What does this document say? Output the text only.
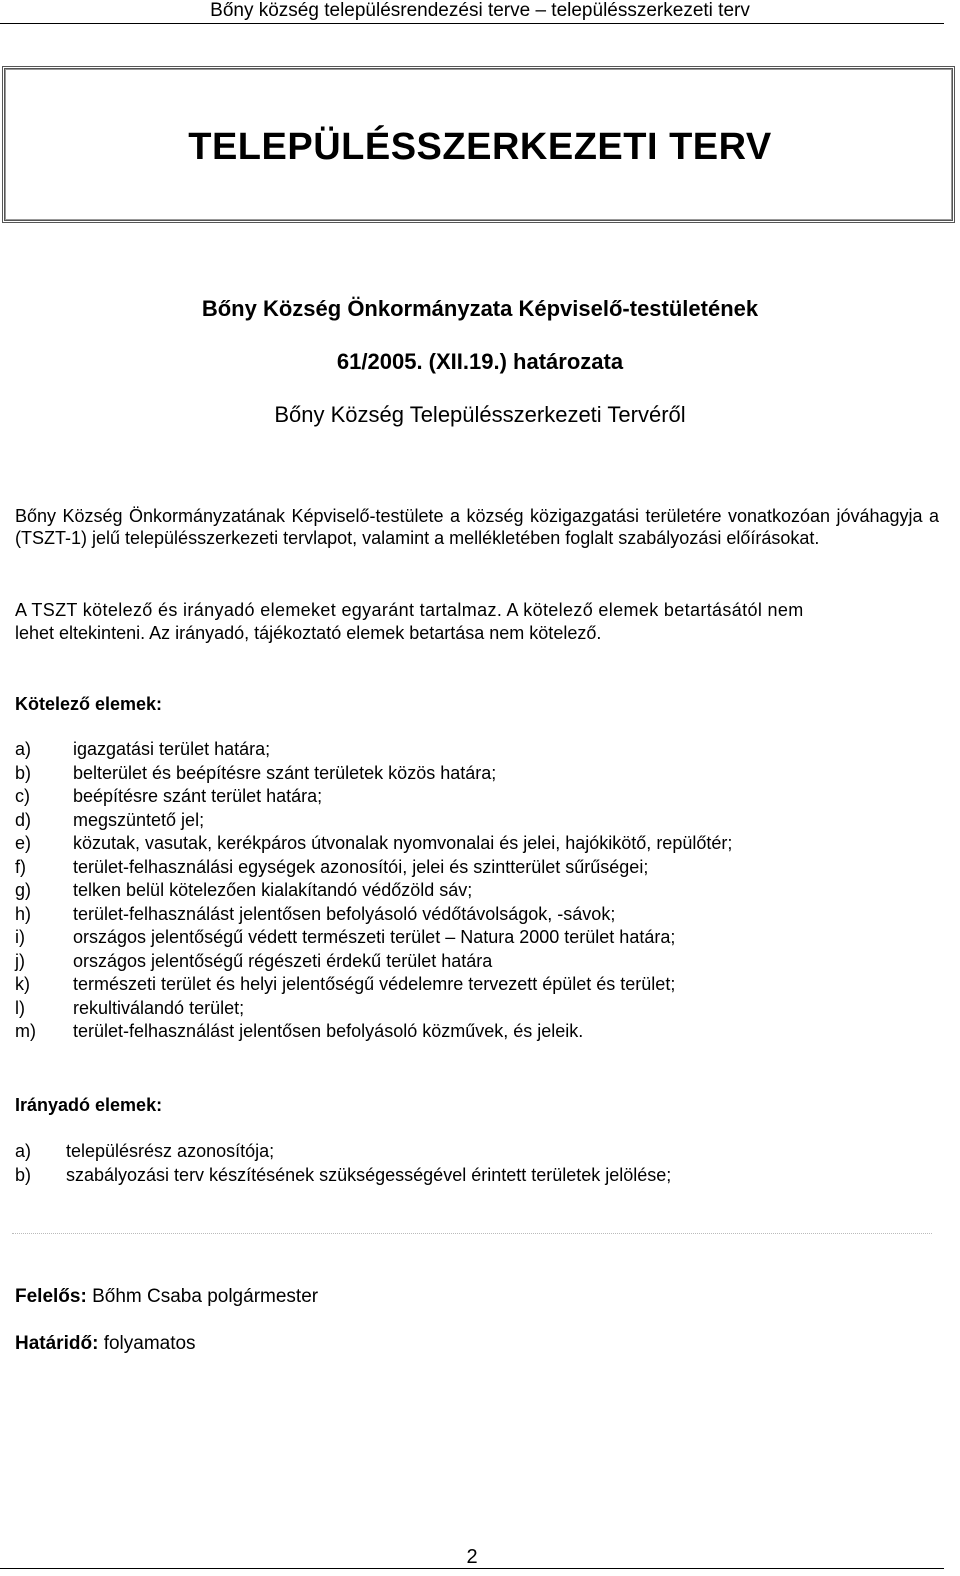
Bőny község településrendezési terve – településszerkezeti terv
TELEPÜLÉSSZERKEZETI TERV
Bőny Község Önkormányzata Képviselő-testületének
61/2005. (XII.19.) határozata
Bőny Község Településszerkezeti Tervéről
Bőny Község Önkormányzatának Képviselő-testülete a község közigazgatási területére vonatkozóan jóváhagyja a (TSZT-1) jelű településszerkezeti tervlapot, valamint a mellékletében foglalt szabályozási előírásokat.
A TSZT kötelező és irányadó elemeket egyaránt tartalmaz. A kötelező elemek betartásától nem
lehet eltekinteni. Az irányadó, tájékoztató elemek betartása nem kötelező.
Kötelező elemek:
a) igazgatási terület határa;
b) belterület és beépítésre szánt területek közös határa;
c) beépítésre szánt terület határa;
d) megszüntető jel;
e) közutak, vasutak, kerékpáros útvonalak nyomvonalai és jelei, hajókikötő, repülőtér;
f)	terület-felhasználási egységek azonosítói, jelei és szintterület sűrűségei;
g) telken belül kötelezően kialakítandó védőzöld sáv;
h) terület-felhasználást jelentősen befolyásoló védőtávolságok, -sávok;
i)	országos jelentőségű védett természeti terület – Natura 2000 terület határa;
j)	országos jelentőségű régészeti érdekű terület határa
k) természeti terület és helyi jelentőségű védelemre tervezett épület és terület;
l)	rekultiválandó terület;
m) terület-felhasználást jelentősen befolyásoló közművek, és jeleik.
Irányadó elemek:
a) településrész azonosítója;
b) szabályozási terv készítésének szükségességével érintett területek jelölése;
Felelős: Bőhm Csaba polgármester
Határidő: folyamatos
2
